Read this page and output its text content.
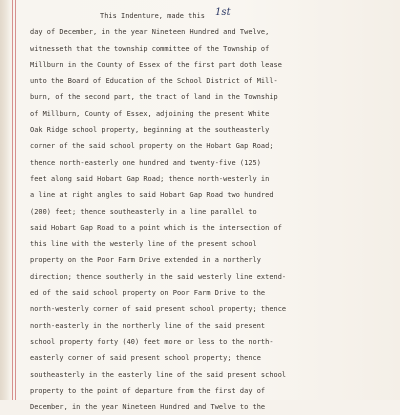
This Indenture, made this 1st
day of December, in the year Nineteen Hundred and Twelve,
witnesseth that the township committee of the Township of
Millburn in the County of Essex of the first part doth lease
unto the Board of Education of the School District of Mill-
burn, of the second part, the tract of land in the Township
of Millburn, County of Essex, adjoining the present White
Oak Ridge school property, beginning at the southeasterly
corner of the said school property on the Hobart Gap Road;
thence north-easterly one hundred and twenty-five (125)
feet along said Hobart Gap Road; thence north-westerly in
a line at right angles to said Hobart Gap Road two hundred
(200) feet; thence southeasterly in a line parallel to
said Hobart Gap Road to a point which is the intersection of
this line with the westerly line of the present school
property on the Poor Farm Drive extended in a northerly
direction; thence southerly in the said westerly line extend-
ed of the said school property on Poor Farm Drive to the
north-westerly corner of said present school property; thence
north-easterly in the northerly line of the said present
school property forty (40) feet more or less to the north-
easterly corner of said present school property; thence
southeasterly in the easterly line of the said present school
property to the point of departure from the first day of
December, in the year Nineteen Hundred and Twelve to the
